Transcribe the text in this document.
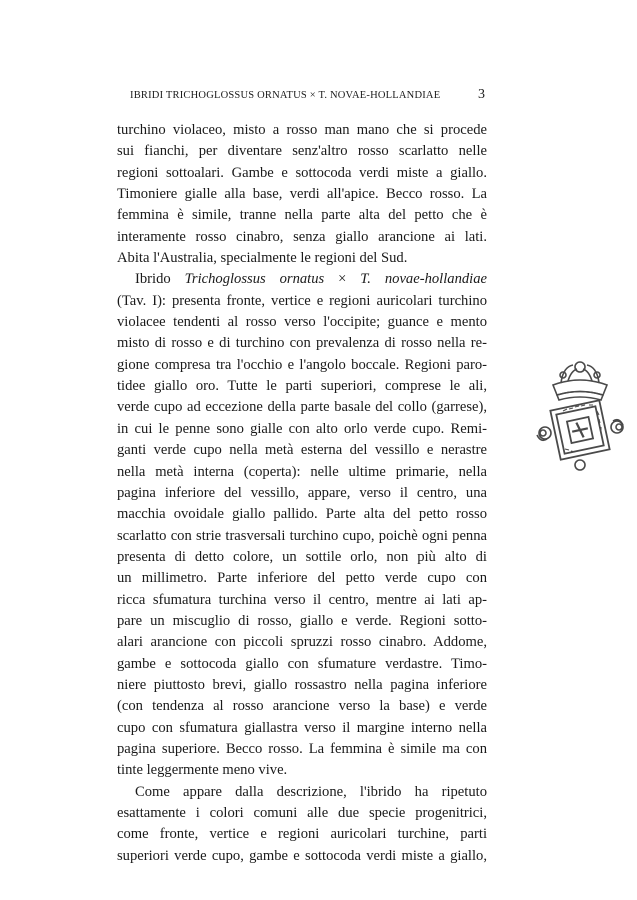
IBRIDI TRICHOGLOSSUS ORNATUS × T. NOVAE-HOLLANDIAE	3
turchino violaceo, misto a rosso man mano che si procede
sui fianchi, per diventare senz'altro rosso scarlatto nelle
regioni sottoalari. Gambe e sottocoda verdi miste a giallo.
Timoniere gialle alla base, verdi all'apice. Becco rosso. La
femmina è simile, tranne nella parte alta del petto che è
interamente rosso cinabro, senza giallo arancione ai lati.
Abita l'Australia, specialmente le regioni del Sud.
Ibrido Trichoglossus ornatus × T. novae-hollandiae
(Tav. I): presenta fronte, vertice e regioni auricolari turchino
violacee tendenti al rosso verso l'occipite; guance e mento
misto di rosso e di turchino con prevalenza di rosso nella re-
gione compresa tra l'occhio e l'angolo boccale. Regioni paro-
tidee giallo oro. Tutte le parti superiori, comprese le ali,
verde cupo ad eccezione della parte basale del collo (garrese),
in cui le penne sono gialle con alto orlo verde cupo. Remi-
ganti verde cupo nella metà esterna del vessillo e nerastre
nella metà interna (coperta): nelle ultime primarie, nella
pagina inferiore del vessillo, appare, verso il centro, una
macchia ovoidale giallo pallido. Parte alta del petto rosso
scarlatto con strie trasversali turchino cupo, poichè ogni penna
presenta di detto colore, un sottile orlo, non più alto di
un millimetro. Parte inferiore del petto verde cupo con
ricca sfumatura turchina verso il centro, mentre ai lati ap-
pare un miscuglio di rosso, giallo e verde. Regioni sotto-
alari arancione con piccoli spruzzi rosso cinabro. Addome,
gambe e sottocoda giallo con sfumature verdastre. Timo-
niere piuttosto brevi, giallo rossastro nella pagina inferiore
(con tendenza al rosso arancione verso la base) e verde
cupo con sfumatura giallastra verso il margine interno nella
pagina superiore. Becco rosso. La femmina è simile ma con
tinte leggermente meno vive.
Come appare dalla descrizione, l'ibrido ha ripetuto
esattamente i colori comuni alle due specie progenitrici,
come fronte, vertice e regioni auricolari turchine, parti
superiori verde cupo, gambe e sottocoda verdi miste a giallo,
